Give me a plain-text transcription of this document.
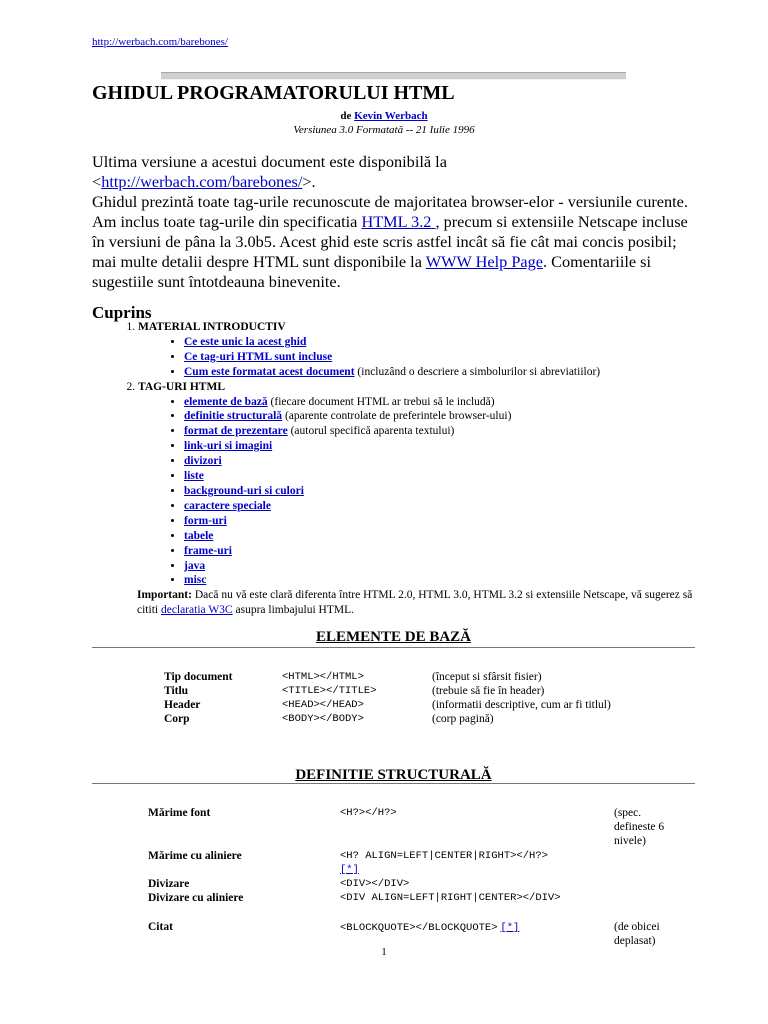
http://werbach.com/barebones/
GHIDUL PROGRAMATORULUI HTML
de Kevin Werbach
Versiunea 3.0 Formatată -- 21 Iulie 1996
Ultima versiune a acestui document este disponibilă la
<http://werbach.com/barebones/>.
Ghidul prezintă toate tag-urile recunoscute de majoritatea browser-elor - versiunile curente. Am inclus toate tag-urile din specificatia HTML 3.2 , precum si extensiile Netscape incluse în versiuni de pâna la 3.0b5. Acest ghid este scris astfel incât să fie cât mai concis posibil; mai multe detalii despre HTML sunt disponibile la WWW Help Page. Comentariile si sugestiile sunt întotdeauna binevenite.
Cuprins
1. MATERIAL INTRODUCTIV
• Ce este unic la acest ghid
• Ce tag-uri HTML sunt incluse
• Cum este formatat acest document (incluzând o descriere a simbolurilor si abreviatiilor)
2. TAG-URI HTML
• elemente de bază (fiecare document HTML ar trebui să le includă)
• definitie structurală (aparente controlate de preferintele browser-ului)
• format de prezentare (autorul specifică aparenta textului)
• link-uri si imagini
• divizori
• liste
• background-uri si culori
• caractere speciale
• form-uri
• tabele
• frame-uri
• java
• misc
Important: Dacă nu vă este clară diferenta între HTML 2.0, HTML 3.0, HTML 3.2 si extensiile Netscape, vă sugerez să cititi declaratia W3C asupra limbajului HTML.
ELEMENTE DE BAZĂ
Tip document	<HTML></HTML>	(început si sfârsit fisier)
Titlu	<TITLE></TITLE>	(trebuie să fie în header)
Header	<HEAD></HEAD>	(informatii descriptive, cum ar fi titlul)
Corp	<BODY></BODY>	(corp pagină)
DEFINITIE STRUCTURALĂ
Mărime font	<H?></H?>	(spec. defineste 6 nivele)
Mărime cu aliniere	<H? ALIGN=LEFT|CENTER|RIGHT></H?>
[*]
Divizare	<DIV></DIV>
Divizare cu aliniere	<DIV ALIGN=LEFT|RIGHT|CENTER></DIV>
Citat	<BLOCKQUOTE></BLOCKQUOTE> [*]	(de obicei deplasat)
1
